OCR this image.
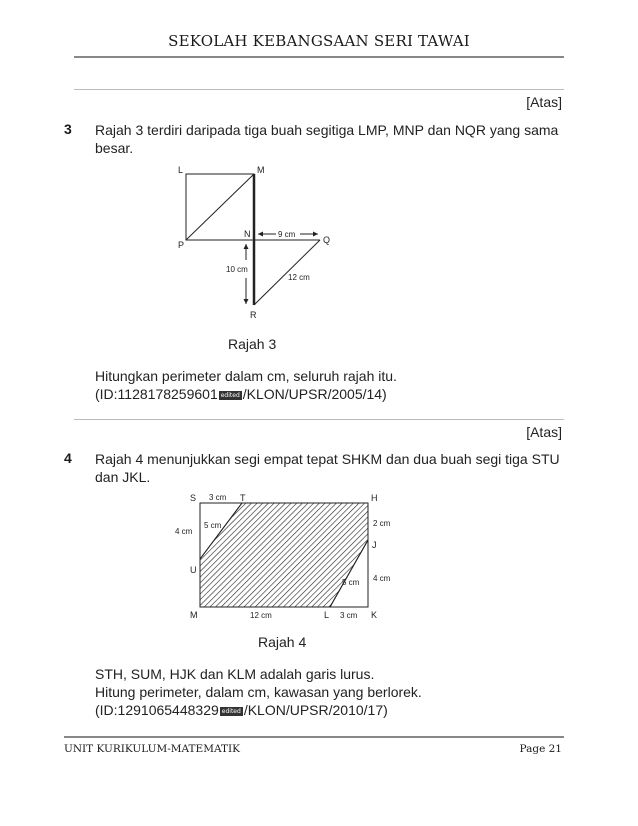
SEKOLAH KEBANGSAAN SERI TAWAI
[Atas]
3 Rajah 3 terdiri daripada tiga buah segitiga LMP, MNP dan NQR yang sama besar.
L	M
N
P	Q
R
9 cm
10 cm
12 cm
Rajah 3
Hitungkan perimeter dalam cm, seluruh rajah itu.
(ID:1128178259601 edited /KLON/UPSR/2005/14)
[Atas]
4 Rajah 4 menunjukkan segi empat tepat SHKM dan dua buah segi tiga STU dan JKL.
S	T	H
J
U
M	L	K
3 cm
4 cm
5 cm	2 cm
4 cm
5 cm
12 cm	3 cm
Rajah 4
STH, SUM, HJK dan KLM adalah garis lurus.
Hitung perimeter, dalam cm, kawasan yang berlorek.
(ID:1291065448329 edited /KLON/UPSR/2010/17)
UNIT KURIKULUM-MATEMATIK	Page 21
